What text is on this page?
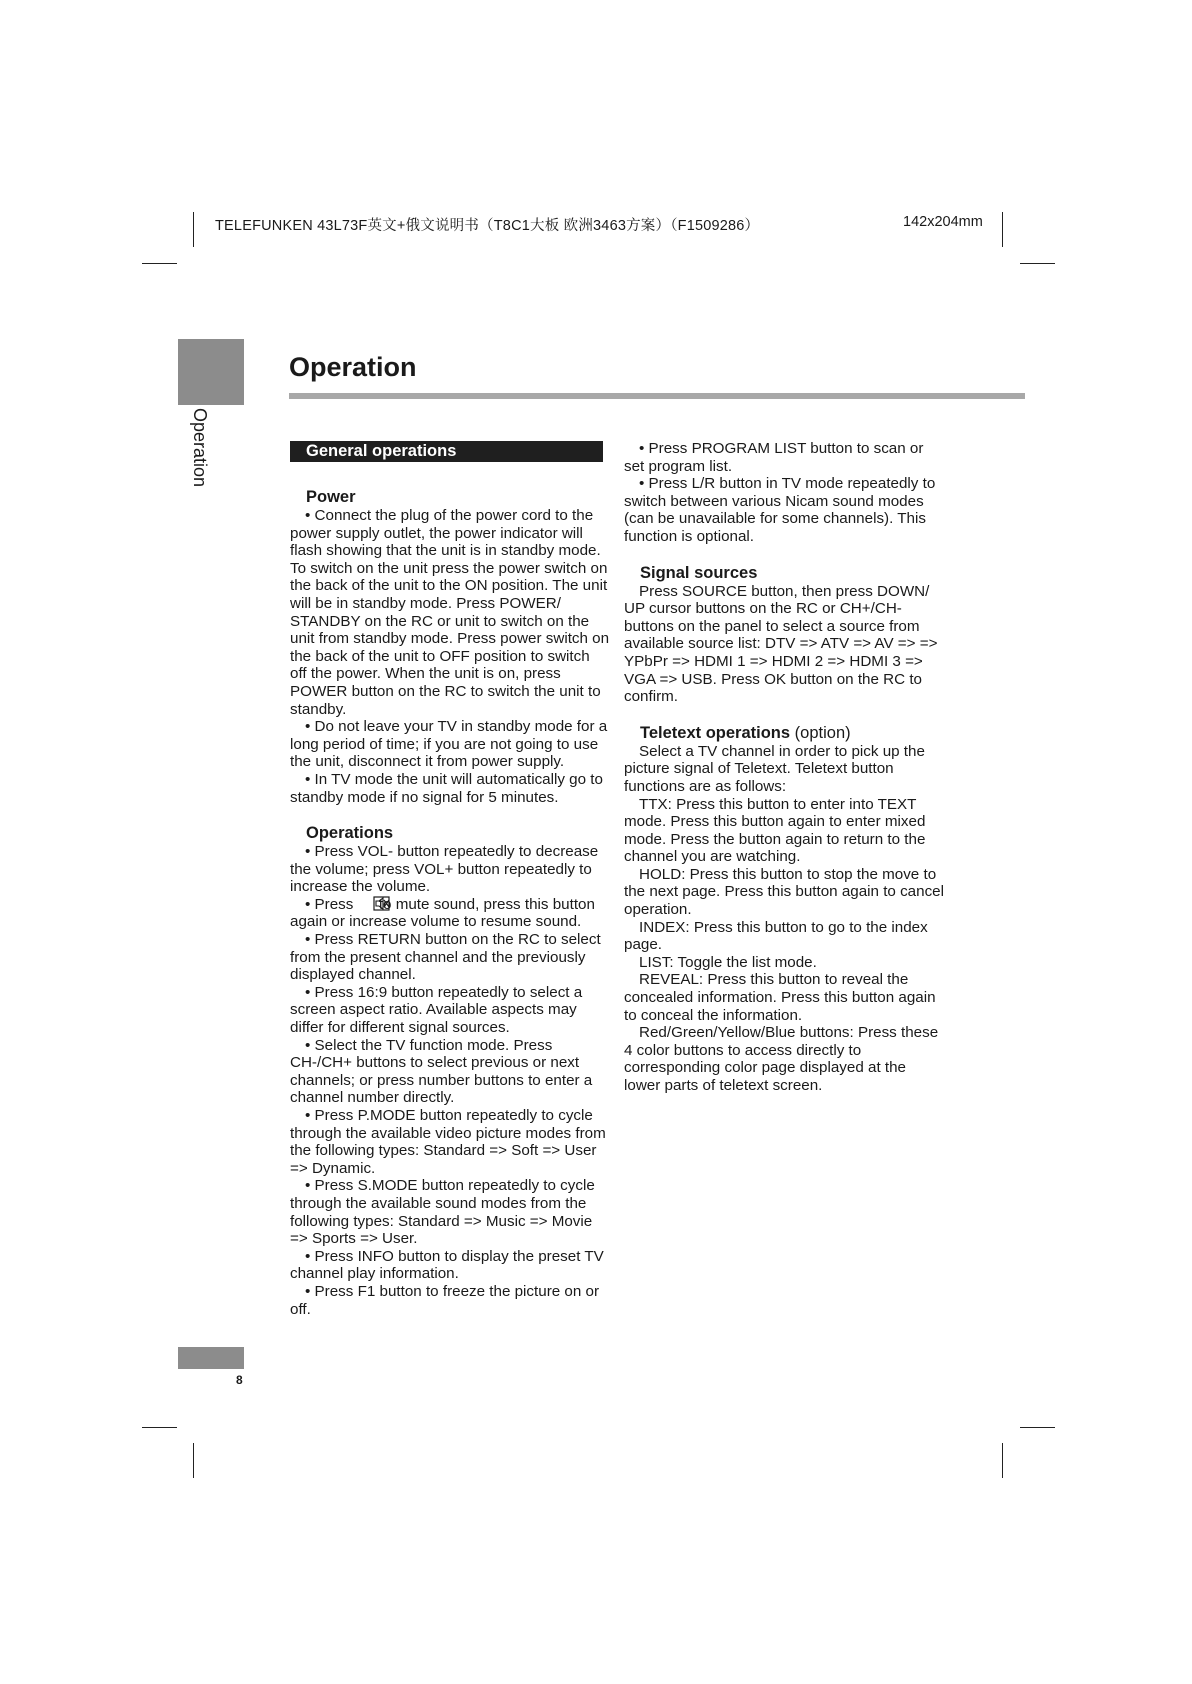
TELEFUNKEN 43L73F英文+俄文说明书（T8C1大板 欧洲3463方案）（F1509286）	142x204mm
Operation
Operation
General operations
Power

• Connect the plug of the power cord to the power supply outlet, the power indicator will flash showing that the unit is in standby mode. To switch on the unit press the power switch on the back of the unit to the ON position. The unit will be in standby mode. Press POWER/ STANDBY on the RC or unit to switch on the unit from standby mode. Press power switch on the back of the unit to OFF position to switch off the power. When the unit is on, press POWER button on the RC to switch the unit to standby.

• Do not leave your TV in standby mode for a long period of time; if you are not going to use the unit, disconnect it from power supply.

• In TV mode the unit will automatically go to standby mode if no signal for 5 minutes.

Operations

• Press VOL- button repeatedly to decrease the volume; press VOL+ button repeatedly to increase the volume.

• Press to mute sound, press this button again or increase volume to resume sound.

• Press RETURN button on the RC to select from the present channel and the previously displayed channel.

• Press 16:9 button repeatedly to select a screen aspect ratio. Available aspects may differ for different signal sources.

• Select the TV function mode. Press CH-/CH+ buttons to select previous or next channels; or press number buttons to enter a channel number directly.

• Press P.MODE button repeatedly to cycle through the available video picture modes from the following types: Standard => Soft => User => Dynamic.

• Press S.MODE button repeatedly to cycle through the available sound modes from the following types: Standard => Music => Movie => Sports => User.

• Press INFO button to display the preset TV channel play information.

• Press F1 button to freeze the picture on or off.

• Press PROGRAM LIST button to scan or set program list.

• Press L/R button in TV mode repeatedly to switch between various Nicam sound modes (can be unavailable for some channels). This function is optional.

Signal sources

Press SOURCE button, then press DOWN/ UP cursor buttons on the RC or CH+/CH- buttons on the panel to select a source from available source list: DTV => ATV => AV => => YPbPr => HDMI 1 => HDMI 2 => HDMI 3 => VGA => USB. Press OK button on the RC to confirm.

Teletext operations (option)

Select a TV channel in order to pick up the picture signal of Teletext. Teletext button functions are as follows:

TTX: Press this button to enter into TEXT mode. Press this button again to enter mixed mode. Press the button again to return to the channel you are watching.

HOLD: Press this button to stop the move to the next page. Press this button again to cancel operation.

INDEX: Press this button to go to the index page.

LIST: Toggle the list mode.

REVEAL: Press this button to reveal the concealed information. Press this button again to conceal the information.

Red/Green/Yellow/Blue buttons: Press these 4 color buttons to access directly to corresponding color page displayed at the lower parts of teletext screen.

8
